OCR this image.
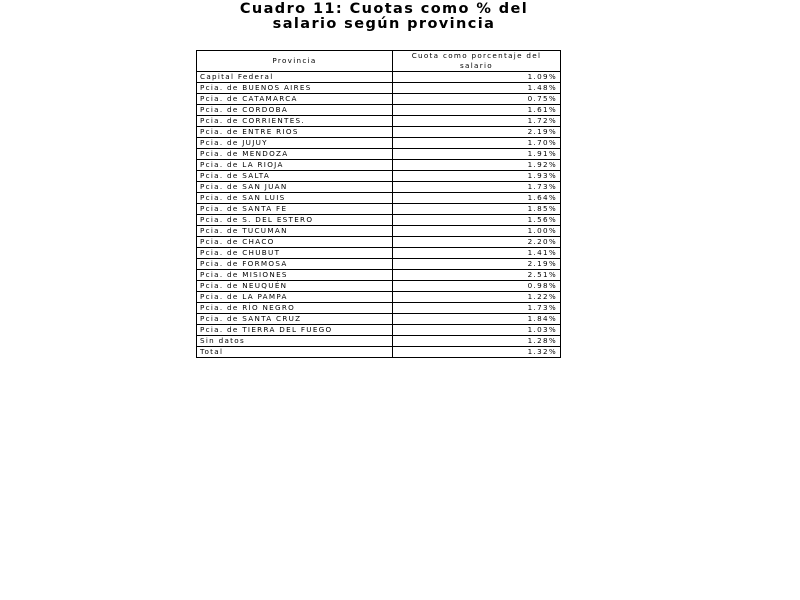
Cuadro 11: Cuotas como % del
salario según provincia
Provincia	Cuota como porcentaje del salario
Capital Federal	1.09%
Pcia. de BUENOS AIRES	1.48%
Pcia. de CATAMARCA	0.75%
Pcia. de CORDOBA	1.61%
Pcia. de CORRIENTES.	1.72%
Pcia. de ENTRE RIOS	2.19%
Pcia. de JUJUY	1.70%
Pcia. de MENDOZA	1.91%
Pcia. de LA RIOJA	1.92%
Pcia. de SALTA	1.93%
Pcia. de SAN JUAN	1.73%
Pcia. de SAN LUIS	1.64%
Pcia. de SANTA FE	1.85%
Pcia. de S. DEL ESTERO	1.56%
Pcia. de TUCUMAN	1.00%
Pcia. de CHACO	2.20%
Pcia. de CHUBUT	1.41%
Pcia. de FORMOSA	2.19%
Pcia. de MISIONES	2.51%
Pcia. de NEUQUÉN	0.98%
Pcia. de LA PAMPA	1.22%
Pcia. de RÍO NEGRO	1.73%
Pcia. de SANTA CRUZ	1.84%
Pcia. de TIERRA DEL FUEGO	1.03%
Sin datos	1.28%
Total	1.32%
